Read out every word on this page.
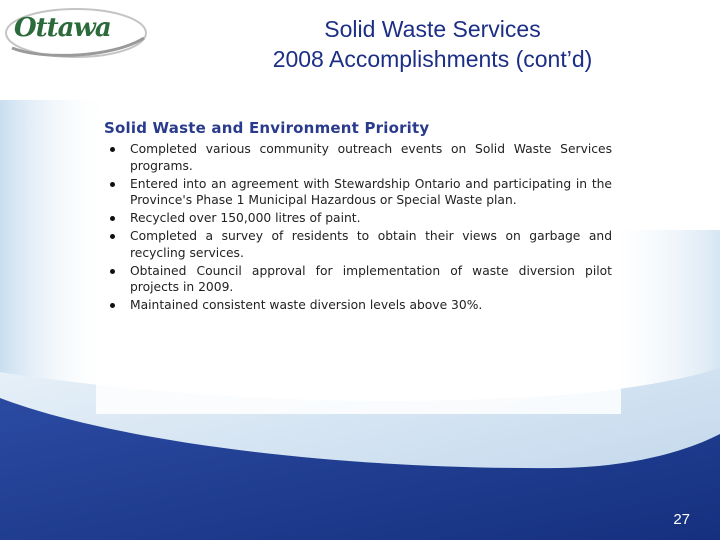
Ottawa	Solid Waste Services
2008 Accomplishments (cont’d)
Solid Waste and Environment Priority
Completed various community outreach events on Solid Waste Services programs.
Entered into an agreement with Stewardship Ontario and participating in the Province's Phase 1 Municipal Hazardous or Special Waste plan.
Recycled over 150,000 litres of paint.
Completed a survey of residents to obtain their views on garbage and recycling services.
Obtained Council approval for implementation of waste diversion pilot projects in 2009.
Maintained consistent waste diversion levels above 30%.
27
